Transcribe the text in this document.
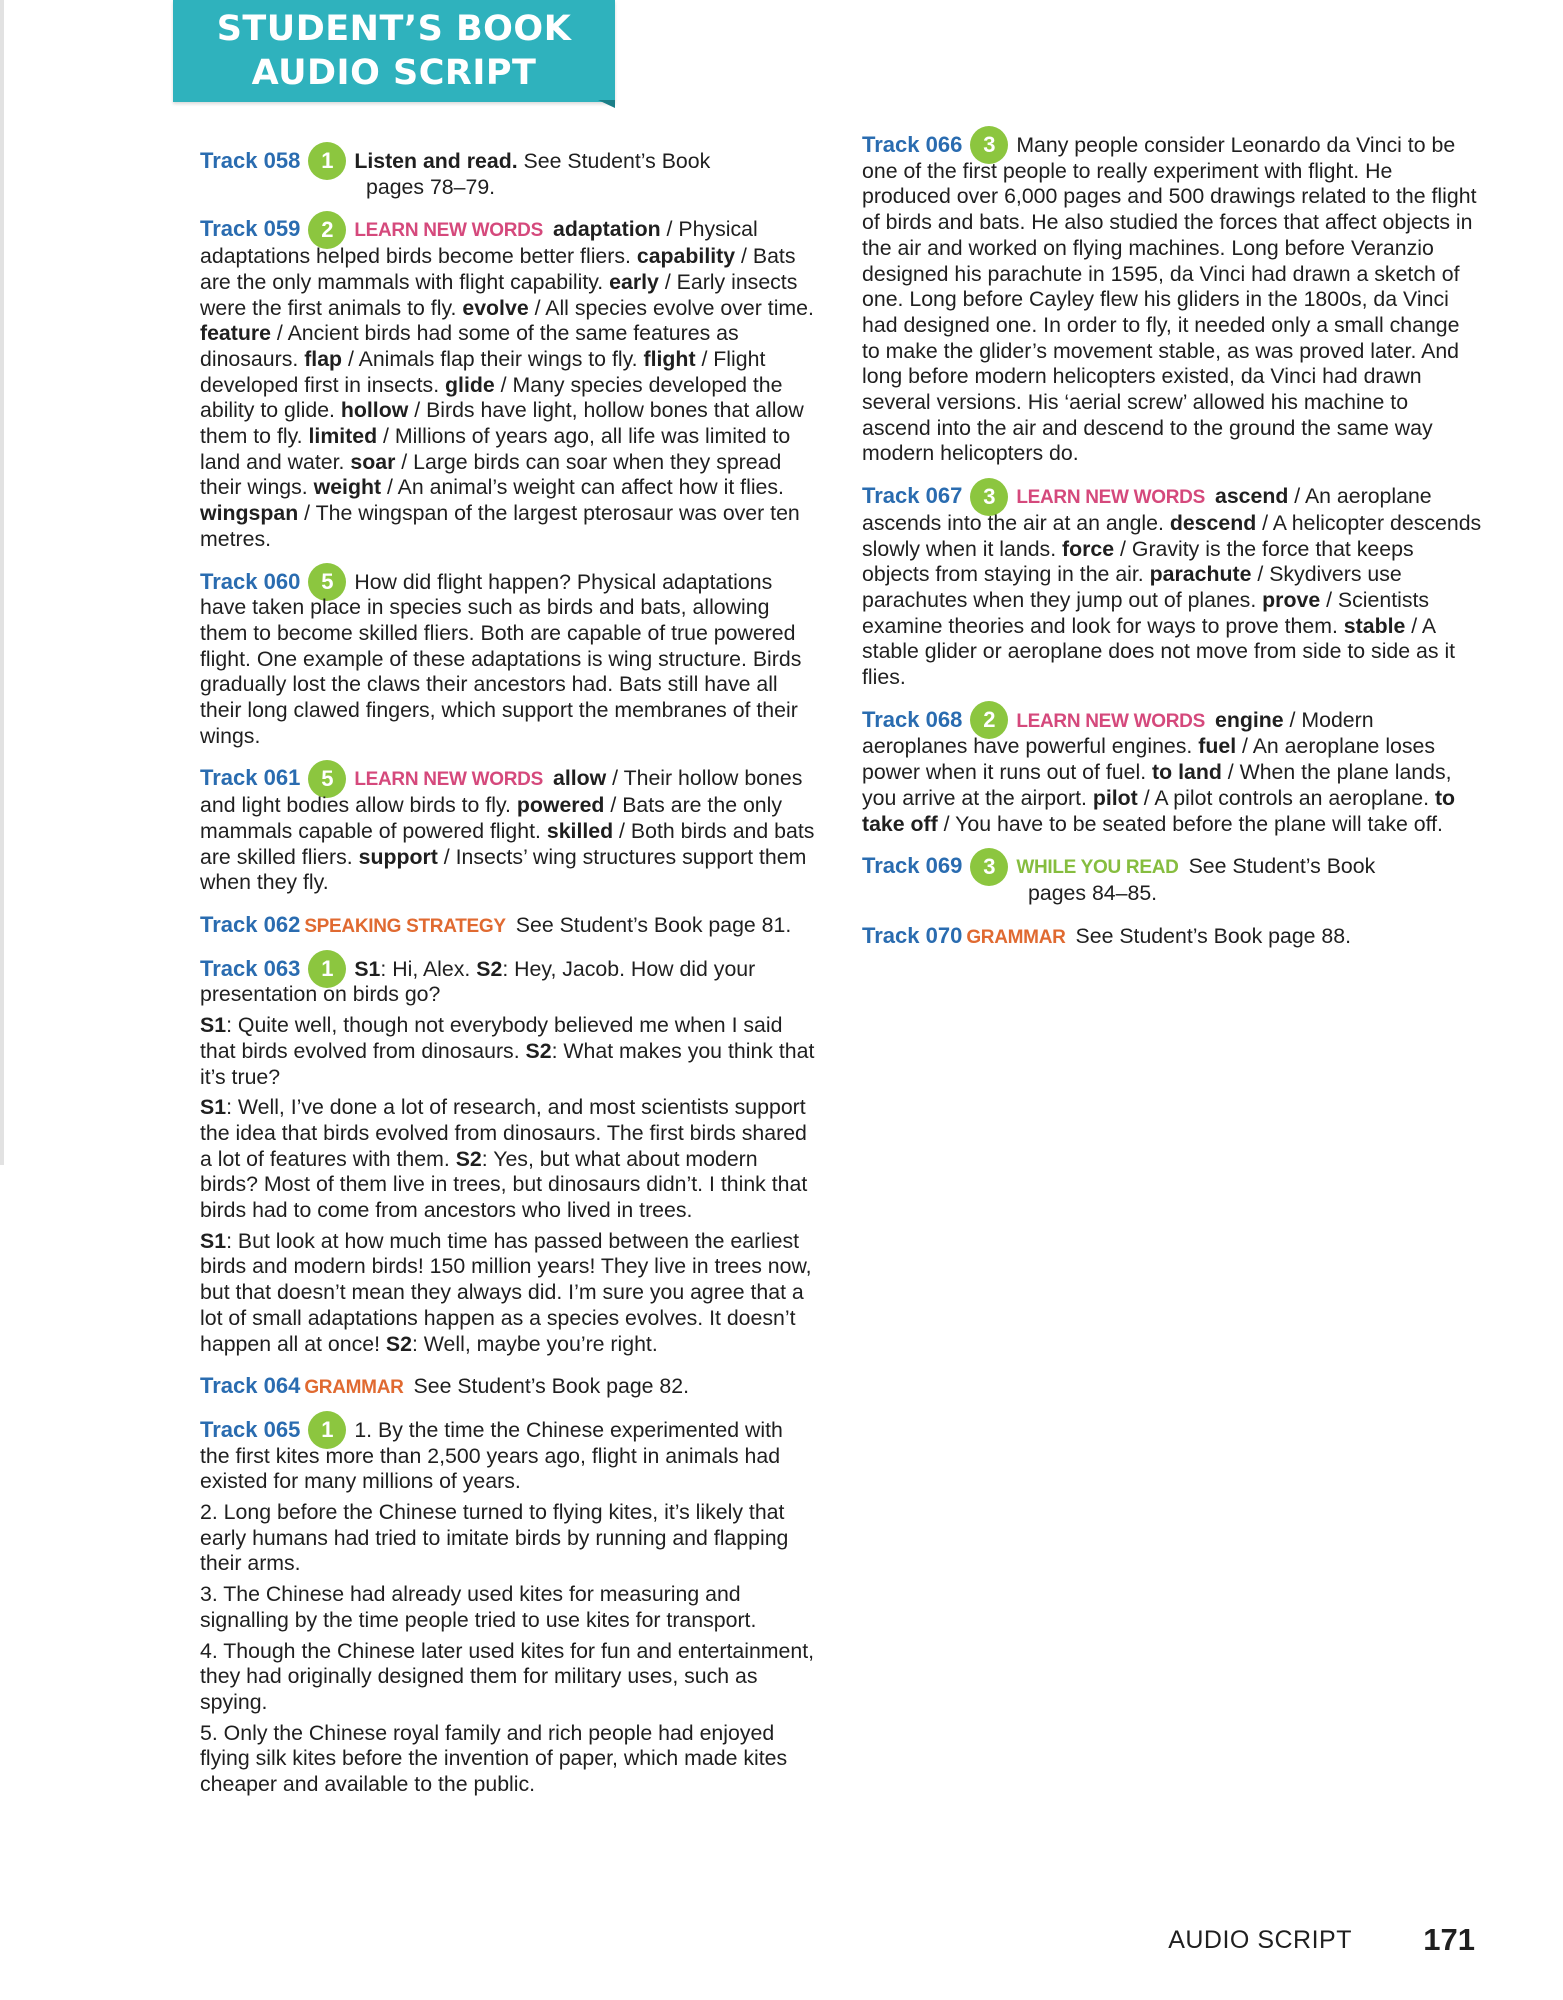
STUDENT’S BOOK
AUDIO SCRIPT
Track 058 1 Listen and read. See Student’s Book
pages 78–79.
Track 059 2 LEARN NEW WORDS adaptation / Physical adaptations helped birds become better fliers. capability / Bats are the only mammals with flight capability. early / Early insects were the first animals to fly. evolve / All species evolve over time. feature / Ancient birds had some of the same features as dinosaurs. flap / Animals flap their wings to fly. flight / Flight developed first in insects. glide / Many species developed the ability to glide. hollow / Birds have light, hollow bones that allow them to fly. limited / Millions of years ago, all life was limited to land and water. soar / Large birds can soar when they spread their wings. weight / An animal’s weight can affect how it flies. wingspan / The wingspan of the largest pterosaur was over ten metres.
Track 060 5 How did flight happen? Physical adaptations have taken place in species such as birds and bats, allowing them to become skilled fliers. Both are capable of true powered flight. One example of these adaptations is wing structure. Birds gradually lost the claws their ancestors had. Bats still have all their long clawed fingers, which support the membranes of their wings.
Track 061 5 LEARN NEW WORDS allow / Their hollow bones and light bodies allow birds to fly. powered / Bats are the only mammals capable of powered flight. skilled / Both birds and bats are skilled fliers. support / Insects’ wing structures support them when they fly.
Track 062 SPEAKING STRATEGY See Student’s Book page 81.
Track 063 1 S1: Hi, Alex. S2: Hey, Jacob. How did your presentation on birds go?
S1: Quite well, though not everybody believed me when I said that birds evolved from dinosaurs. S2: What makes you think that it’s true?
S1: Well, I’ve done a lot of research, and most scientists support the idea that birds evolved from dinosaurs. The first birds shared a lot of features with them. S2: Yes, but what about modern birds? Most of them live in trees, but dinosaurs didn’t. I think that birds had to come from ancestors who lived in trees.
S1: But look at how much time has passed between the earliest birds and modern birds! 150 million years! They live in trees now, but that doesn’t mean they always did. I’m sure you agree that a lot of small adaptations happen as a species evolves. It doesn’t happen all at once! S2: Well, maybe you’re right.
Track 064 GRAMMAR See Student’s Book page 82.
Track 065 1 1. By the time the Chinese experimented with the first kites more than 2,500 years ago, flight in animals had existed for many millions of years.
2. Long before the Chinese turned to flying kites, it’s likely that early humans had tried to imitate birds by running and flapping their arms.
3. The Chinese had already used kites for measuring and signalling by the time people tried to use kites for transport.
4. Though the Chinese later used kites for fun and entertainment, they had originally designed them for military uses, such as spying.
5. Only the Chinese royal family and rich people had enjoyed flying silk kites before the invention of paper, which made kites cheaper and available to the public.
Track 066 3 Many people consider Leonardo da Vinci to be one of the first people to really experiment with flight. He produced over 6,000 pages and 500 drawings related to the flight of birds and bats. He also studied the forces that affect objects in the air and worked on flying machines. Long before Veranzio designed his parachute in 1595, da Vinci had drawn a sketch of one. Long before Cayley flew his gliders in the 1800s, da Vinci had designed one. In order to fly, it needed only a small change to make the glider’s movement stable, as was proved later. And long before modern helicopters existed, da Vinci had drawn several versions. His ‘aerial screw’ allowed his machine to ascend into the air and descend to the ground the same way modern helicopters do.
Track 067 3 LEARN NEW WORDS ascend / An aeroplane ascends into the air at an angle. descend / A helicopter descends slowly when it lands. force / Gravity is the force that keeps objects from staying in the air. parachute / Skydivers use parachutes when they jump out of planes. prove / Scientists examine theories and look for ways to prove them. stable / A stable glider or aeroplane does not move from side to side as it flies.
Track 068 2 LEARN NEW WORDS engine / Modern aeroplanes have powerful engines. fuel / An aeroplane loses power when it runs out of fuel. to land / When the plane lands, you arrive at the airport. pilot / A pilot controls an aeroplane. to take off / You have to be seated before the plane will take off.
Track 069 3 WHILE YOU READ See Student’s Book
pages 84–85.
Track 070 GRAMMAR See Student’s Book page 88.
AUDIO SCRIPT	171
